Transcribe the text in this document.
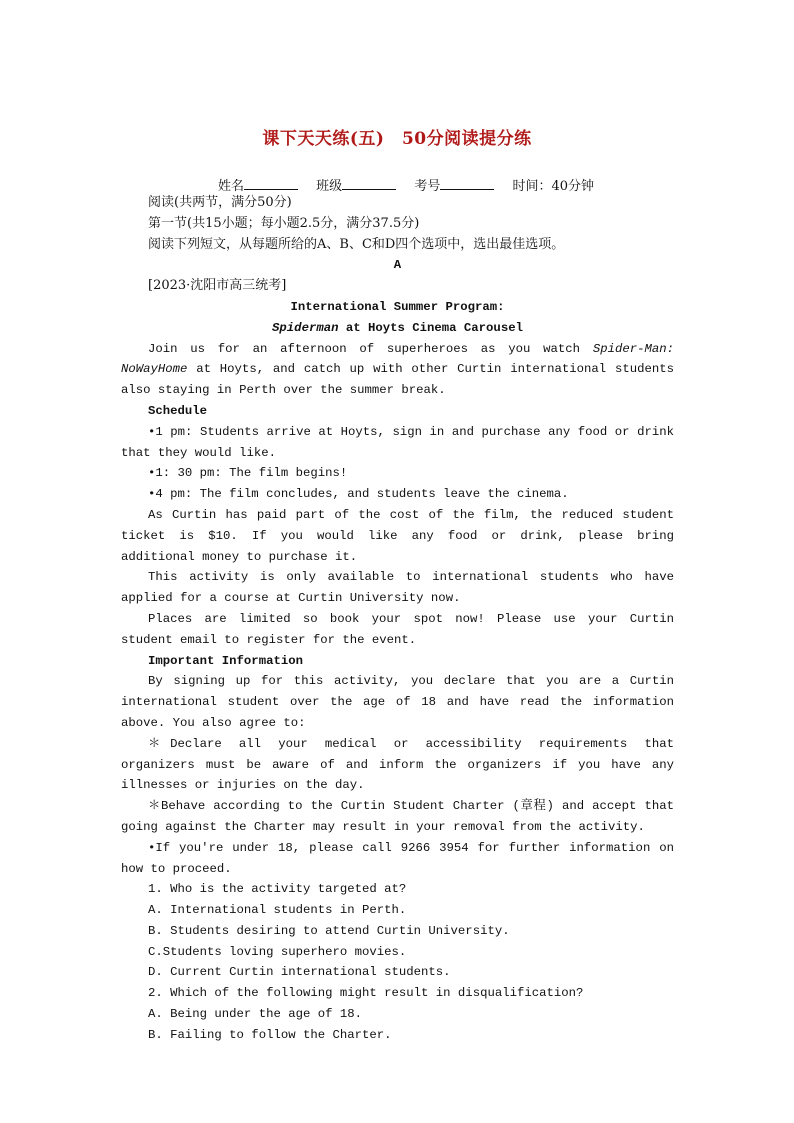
课下天天练(五)　50分阅读提分练
姓名	班级	考号	时间：40分钟

阅读(共两节，满分50分)

第一节(共15小题；每小题2.5分，满分37.5分)

阅读下列短文，从每题所给的A、B、C和D四个选项中，选出最佳选项。

A

[2023·沈阳市高三统考]

International Summer Program:

Spiderman at Hoyts Cinema Carousel

Join us for an afternoon of superheroes as you watch Spider-Man: NoWayHome at Hoyts, and catch up with other Curtin international students also staying in Perth over the summer break.

Schedule

•1 pm: Students arrive at Hoyts, sign in and purchase any food or drink that they would like.

•1: 30 pm: The film begins!

•4 pm: The film concludes, and students leave the cinema.

As Curtin has paid part of the cost of the film, the reduced student ticket is $10. If you would like any food or drink, please bring additional money to purchase it.

This activity is only available to international students who have applied for a course at Curtin University now.

Places are limited so book your spot now! Please use your Curtin student email to register for the event.

Important Information

By signing up for this activity, you declare that you are a Curtin international student over the age of 18 and have read the information above. You also agree to:

＊Declare all your medical or accessibility requirements that organizers must be aware of and inform the organizers if you have any illnesses or injuries on the day.

＊Behave according to the Curtin Student Charter (章程) and accept that going against the Charter may result in your removal from the activity.

•If you're under 18, please call 9266 3954 for further information on how to proceed.

1. Who is the activity targeted at?

A. International students in Perth.

B. Students desiring to attend Curtin University.

C.Students loving superhero movies.

D. Current Curtin international students.

2. Which of the following might result in disqualification?

A. Being under the age of 18.

B. Failing to follow the Charter.
